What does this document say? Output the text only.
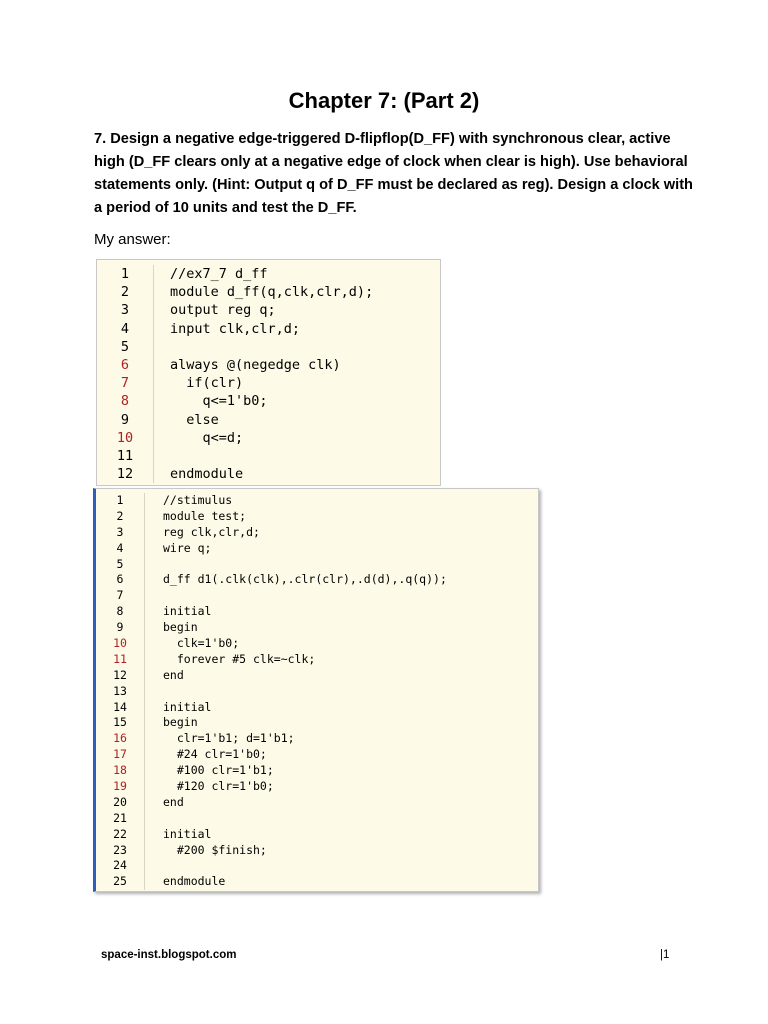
Chapter 7: (Part 2)
7. Design a negative edge-triggered D-flipflop(D_FF) with synchronous clear, active high (D_FF clears only at a negative edge of clock when clear is high). Use behavioral statements only. (Hint: Output q of D_FF must be declared as reg). Design a clock with a period of 10 units and test the D_FF.
My answer:
1	//ex7_7 d_ff
2	module d_ff(q,clk,clr,d);
3	output reg q;
4	input clk,clr,d;
5
6	always @(negedge clk)
7	if(clr)
8	q<=1'b0;
9	else
10	q<=d;
11
12	endmodule
1	//stimulus
2	module test;
3	reg clk,clr,d;
4	wire q;
5
6	d_ff d1(.clk(clk),.clr(clr),.d(d),.q(q));
7
8	initial
9	begin
10	clk=1'b0;
11	forever #5 clk=~clk;
12	end
13
14	initial
15	begin
16	clr=1'b1; d=1'b1;
17	#24 clr=1'b0;
18	#100 clr=1'b1;
19	#120 clr=1'b0;
20	end
21
22	initial
23	#200 $finish;
24
25	endmodule
space-inst.blogspot.com	|1
